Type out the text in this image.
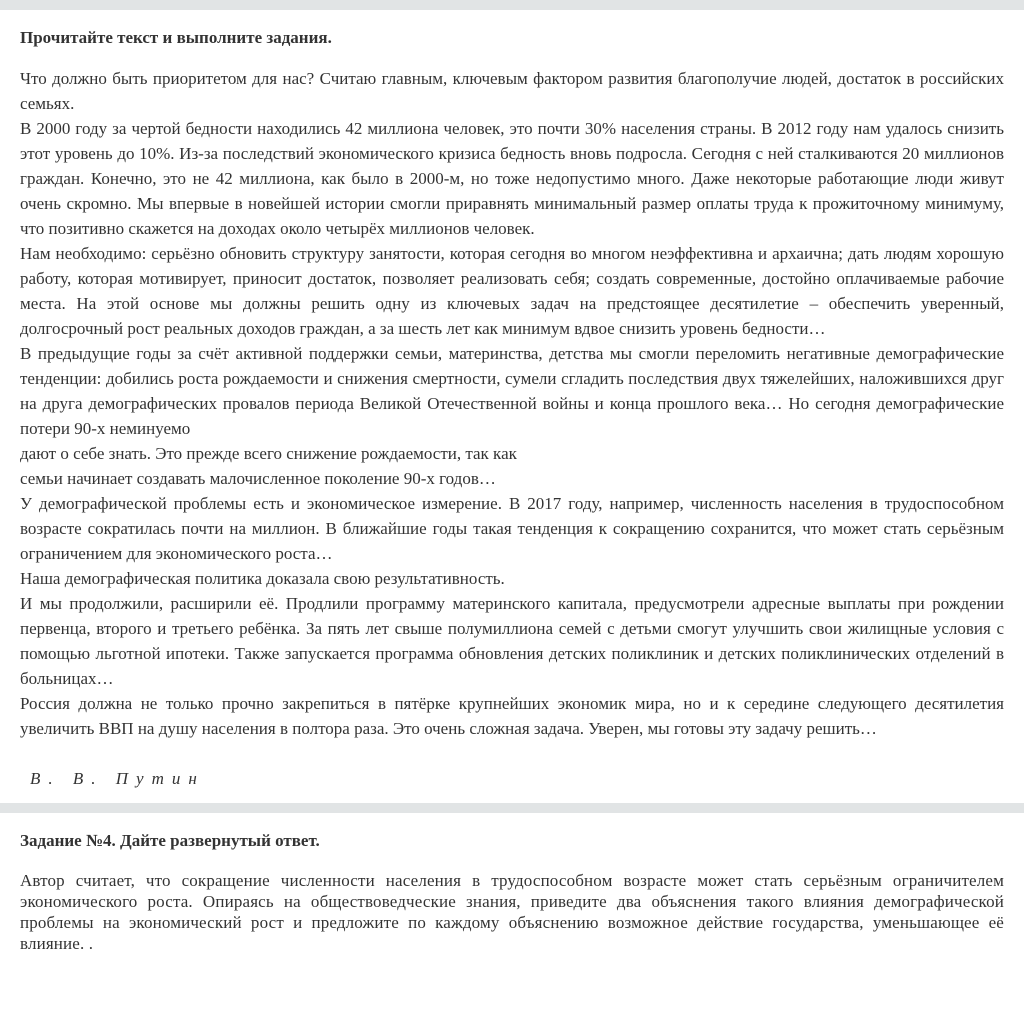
Прочитайте текст и выполните задания.

Что должно быть приоритетом для нас? Считаю главным, ключевым фактором развития благополучие людей, достаток в российских семьях.

В 2000 году за чертой бедности находились 42 миллиона человек, это почти 30% населения страны. В 2012 году нам удалось снизить этот уровень до 10%. Из-за последствий экономического кризиса бедность вновь подросла. Сегодня с ней сталкиваются 20 миллионов граждан. Конечно, это не 42 миллиона, как было в 2000-м, но тоже недопустимо много. Даже некоторые работающие люди живут очень скромно. Мы впервые в новейшей истории смогли приравнять минимальный размер оплаты труда к прожиточному минимуму, что позитивно скажется на доходах около четырёх миллионов человек.

Нам необходимо: серьёзно обновить структуру занятости, которая сегодня во многом неэффективна и архаична; дать людям хорошую работу, которая мотивирует, приносит достаток, позволяет реализовать себя; создать современные, достойно оплачиваемые рабочие места. На этой основе мы должны решить одну из ключевых задач на предстоящее десятилетие – обеспечить уверенный, долгосрочный рост реальных доходов граждан, а за шесть лет как минимум вдвое снизить уровень бедности…

В предыдущие годы за счёт активной поддержки семьи, материнства, детства мы смогли переломить негативные демографические тенденции: добились роста рождаемости и снижения смертности, сумели сгладить последствия двух тяжелейших, наложившихся друг на друга демографических провалов периода Великой Отечественной войны и конца прошлого века… Но сегодня демографические потери 90-х неминуемо

дают о себе знать. Это прежде всего снижение рождаемости, так как

семьи начинает создавать малочисленное поколение 90-х годов…

У демографической проблемы есть и экономическое измерение. В 2017 году, например, численность населения в трудоспособном возрасте сократилась почти на миллион. В ближайшие годы такая тенденция к сокращению сохранится, что может стать серьёзным ограничением для экономического роста…

Наша демографическая политика доказала свою результативность.

И мы продолжили, расширили её. Продлили программу материнского капитала, предусмотрели адресные выплаты при рождении первенца, второго и третьего ребёнка. За пять лет свыше полумиллиона семей с детьми смогут улучшить свои жилищные условия с помощью льготной ипотеки. Также запускается программа обновления детских поликлиник и детских поликлинических отделений в больницах…

Россия должна не только прочно закрепиться в пятёрке крупнейших экономик мира, но и к середине следующего десятилетия увеличить ВВП на душу населения в полтора раза. Это очень сложная задача. Уверен, мы готовы эту задачу решить…

В. В. Путин
Задание №4. Дайте развернутый ответ.

Автор считает, что сокращение численности населения в трудоспособном возрасте может стать серьёзным ограничителем экономического роста. Опираясь на обществоведческие знания, приведите два объяснения такого влияния демографической проблемы на экономический рост и предложите по каждому объяснению возможное действие государства, уменьшающее её влияние. .
